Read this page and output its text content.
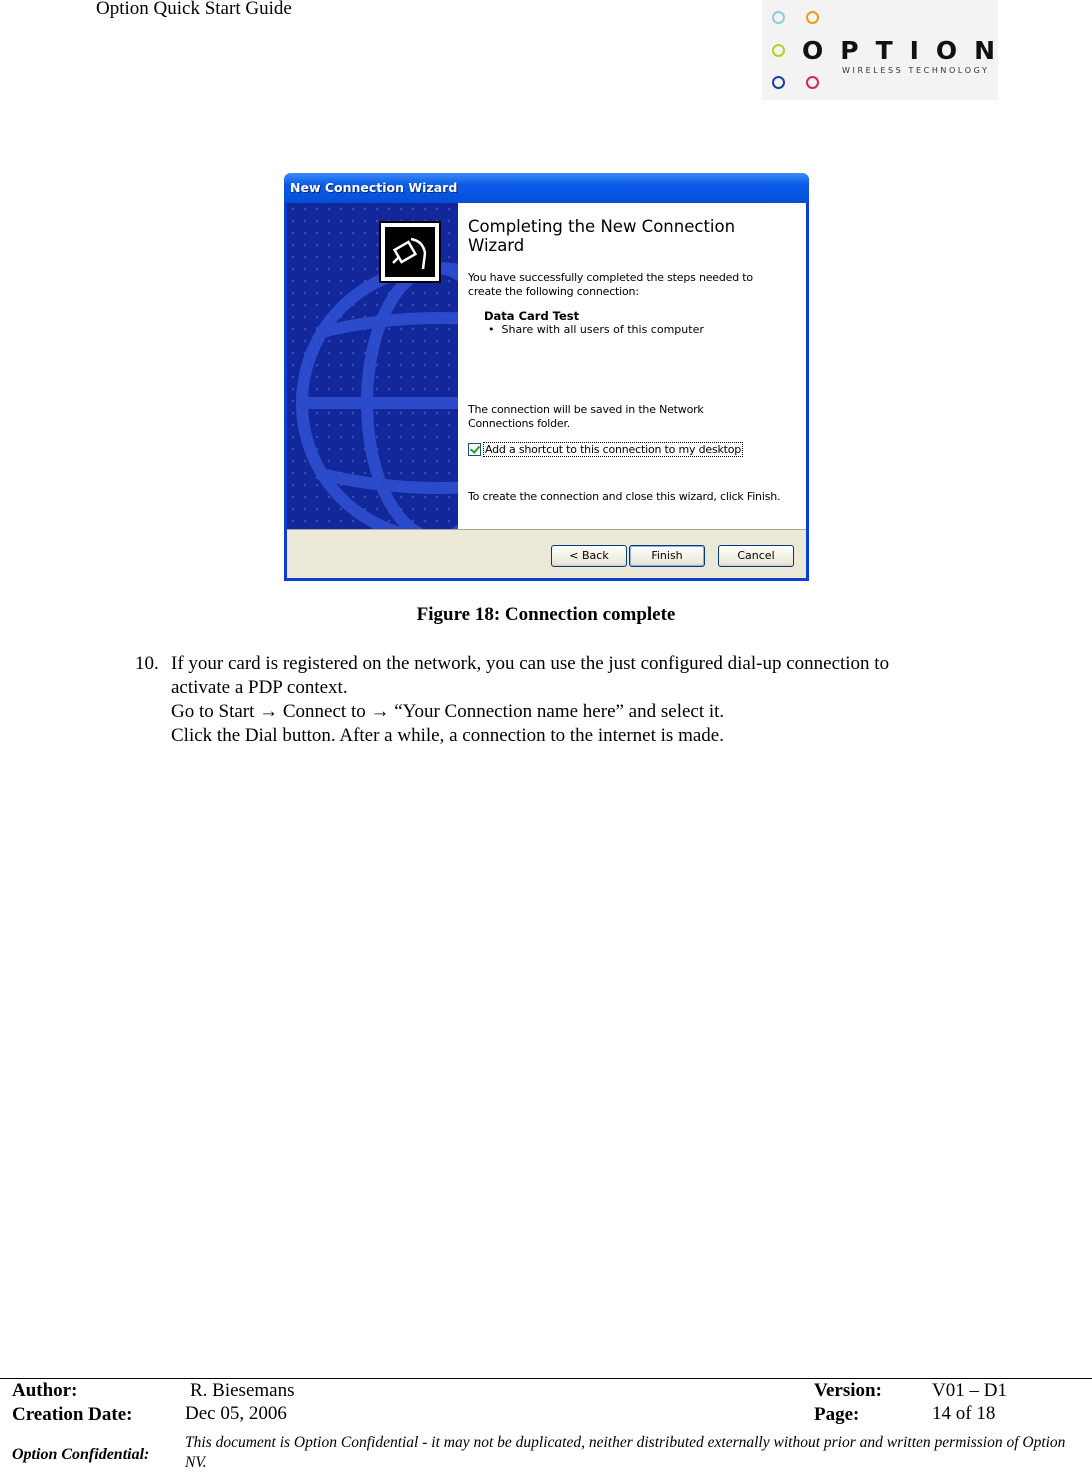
Option Quick Start Guide
OPTION
WIRELESS TECHNOLOGY
New Connection Wizard
Completing the New Connection Wizard
You have successfully completed the steps needed to create the following connection:
Data Card Test
• Share with all users of this computer
The connection will be saved in the Network Connections folder.
Add a shortcut to this connection to my desktop
To create the connection and close this wizard, click Finish.
< Back	Finish	Cancel
Figure 18: Connection complete
10. If your card is registered on the network, you can use the just configured dial-up connection to
activate a PDP context.
Go to Start → Connect to → “Your Connection name here” and select it.
Click the Dial button. After a while, a connection to the internet is made.
Author:	R. Biesemans	Version:	V01 – D1
Creation Date:	Dec 05, 2006	Page:	14 of 18
Option Confidential:
This document is Option Confidential - it may not be duplicated, neither distributed externally without prior and written permission of Option NV.
